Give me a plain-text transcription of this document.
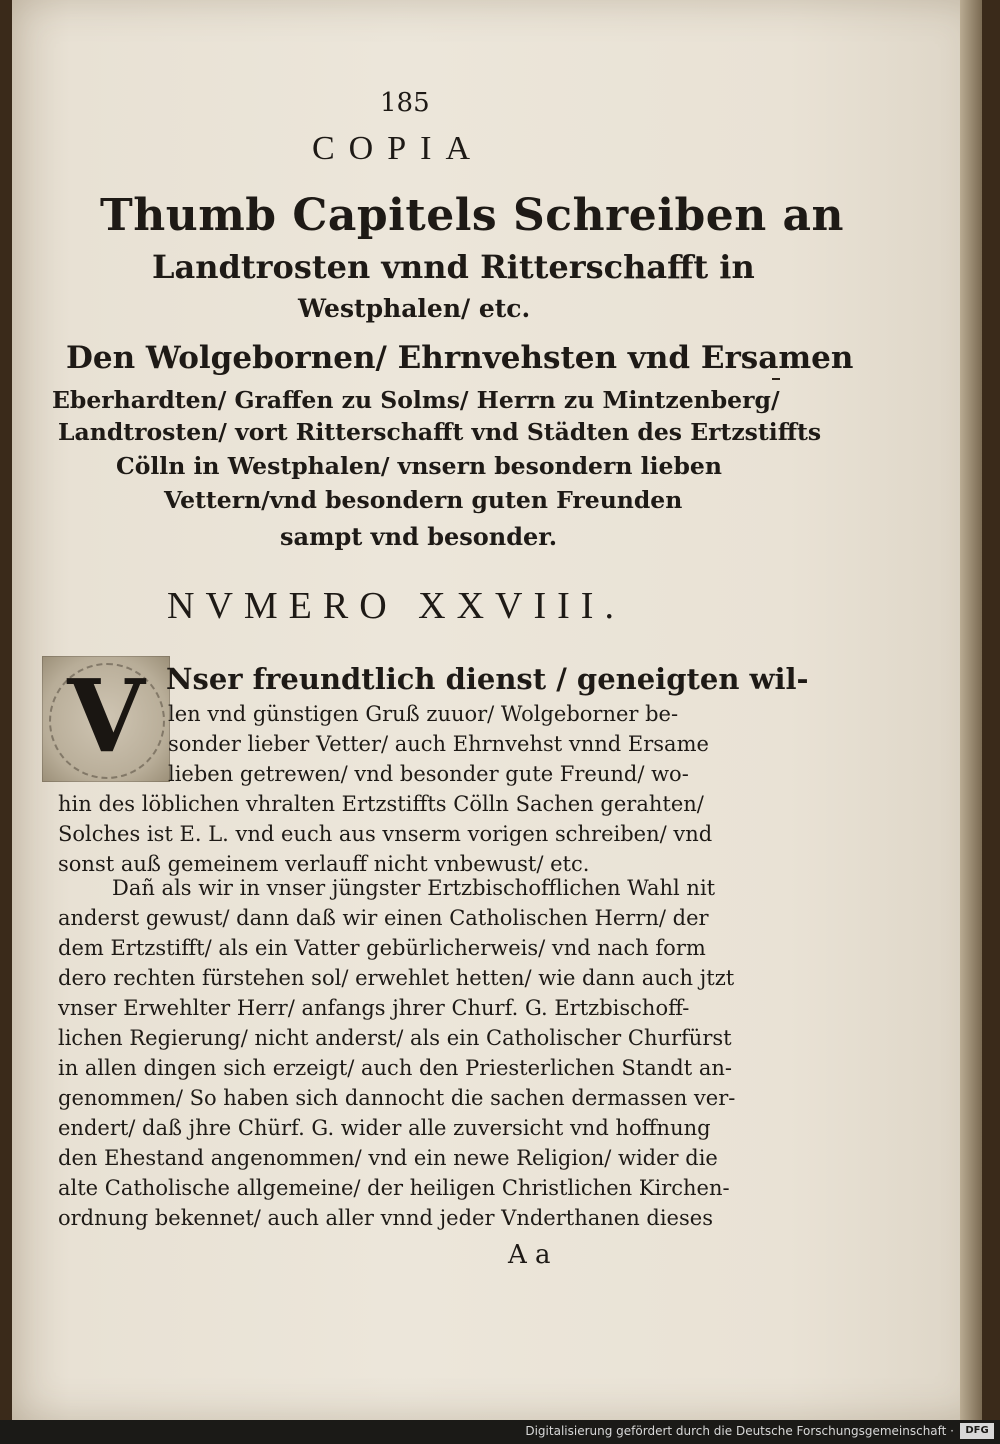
185
COPIA
Thumb Capitels Schreiben an
Landtrosten vnnd Ritterschafft in
Westphalen/ etc.
Den Wolgebornen/ Ehrnvehsten vnd Ersamen
Eberhardten/ Graffen zu Solms/ Herrn zu Mintzenberg/
Landtrosten/ vort Ritterschafft vnd Städten des Ertzstiffts
Cölln in Westphalen/ vnsern besondern lieben
Vettern/vnd besondern guten Freunden
sampt vnd besonder.
NVMERO XXVIII.
V Nser freundtlich dienst / geneigten wil-
len vnd günstigen Gruß zuuor/ Wolgeborner be-
sonder lieber Vetter/ auch Ehrnvehst vnnd Ersame
lieben getrewen/ vnd besonder gute Freund/ wo-
hin des löblichen vhralten Ertzstiffts Cölln Sachen gerahten/
Solches ist E. L. vnd euch aus vnserm vorigen schreiben/ vnd
sonst auß gemeinem verlauff nicht vnbewust/ etc.
Dañ als wir in vnser jüngster Ertzbischofflichen Wahl nit
anderst gewust/ dann daß wir einen Catholischen Herrn/ der
dem Ertzstifft/ als ein Vatter gebürlicherweis/ vnd nach form
dero rechten fürstehen sol/ erwehlet hetten/ wie dann auch jtzt
vnser Erwehlter Herr/ anfangs jhrer Churf. G. Ertzbischoff-
lichen Regierung/ nicht anderst/ als ein Catholischer Churfürst
in allen dingen sich erzeigt/ auch den Priesterlichen Standt an-
genommen/ So haben sich dannocht die sachen dermassen ver-
endert/ daß jhre Chürf. G. wider alle zuversicht vnd hoffnung
den Ehestand angenommen/ vnd ein newe Religion/ wider die
alte Catholische allgemeine/ der heiligen Christlichen Kirchen-
ordnung bekennet/ auch aller vnnd jeder Vnderthanen dieses
A a
Digitalisierung gefördert durch die Deutsche Forschungsgemeinschaft ·	DFG
